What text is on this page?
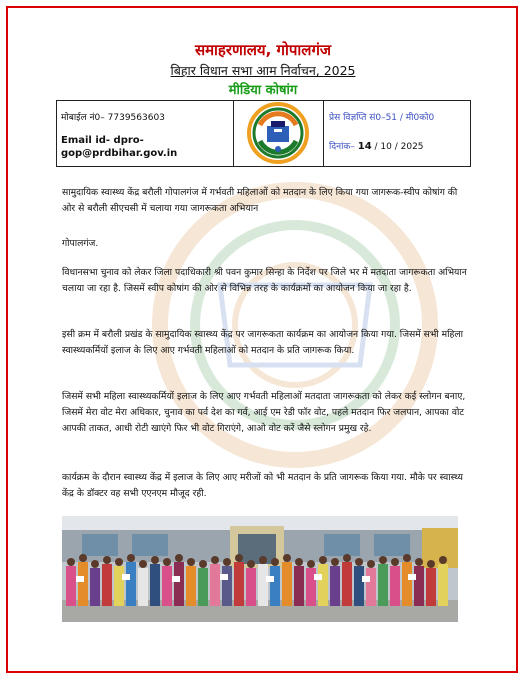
समाहरणालय, गोपालगंज
बिहार विधान सभा आम निर्वाचन, 2025
मीडिया कोषांग
मोबाईल नं0– 7739563603
Email id- dpro-gop@prdbihar.gov.in
प्रेस विज्ञप्ति सं0–51 / मी0को0
दिनांक– 14 / 10 / 2025
सामुदायिक स्वास्थ्य केंद्र बरौली गोपालगंज में गर्भवती महिलाओं को मतदान के लिए किया गया जागरूक-स्वीप कोषांग की ओर से बरौली सीएचसी में चलाया गया जागरूकता अभियान
गोपालगंज.
विधानसभा चुनाव को लेकर जिला पदाधिकारी श्री पवन कुमार सिन्हा के निर्देश पर जिले भर में मतदाता जागरूकता अभियान चलाया जा रहा है. जिसमें स्वीप कोषांग की ओर से विभिन्न तरह के कार्यक्रमों का आयोजन किया जा रहा है.
इसी क्रम में बरौली प्रखंड के सामुदायिक स्वास्थ्य केंद्र पर जागरूकता कार्यक्रम का आयोजन किया गया. जिसमें सभी महिला स्वास्थ्यकर्मियों इलाज के लिए आए गर्भवती महिलाओं को मतदान के प्रति जागरूक किया.
जिसमें सभी महिला स्वास्थ्यकर्मियों इलाज के लिए आए गर्भवती महिलाओं मतदाता जागरूकता को लेकर कई स्लोगन बनाए, जिसमें मेरा वोट मेरा अधिकार, चुनाव का पर्व देश का गर्व, आई एम रेडी फॉर वोट, पहले मतदान फिर जलपान, आपका वोट आपकी ताकत, आधी रोटी खाएंगे फिर भी वोट गिराएंगे, आओ वोट करें जैसे स्लोगन प्रमुख रहे.
कार्यक्रम के दौरान स्वास्थ्य केंद्र में इलाज के लिए आए मरीजों को भी मतदान के प्रति जागरूक किया गया. मौके पर स्वास्थ्य केंद्र के डॉक्टर वह सभी एएनएम मौजूद रही.
